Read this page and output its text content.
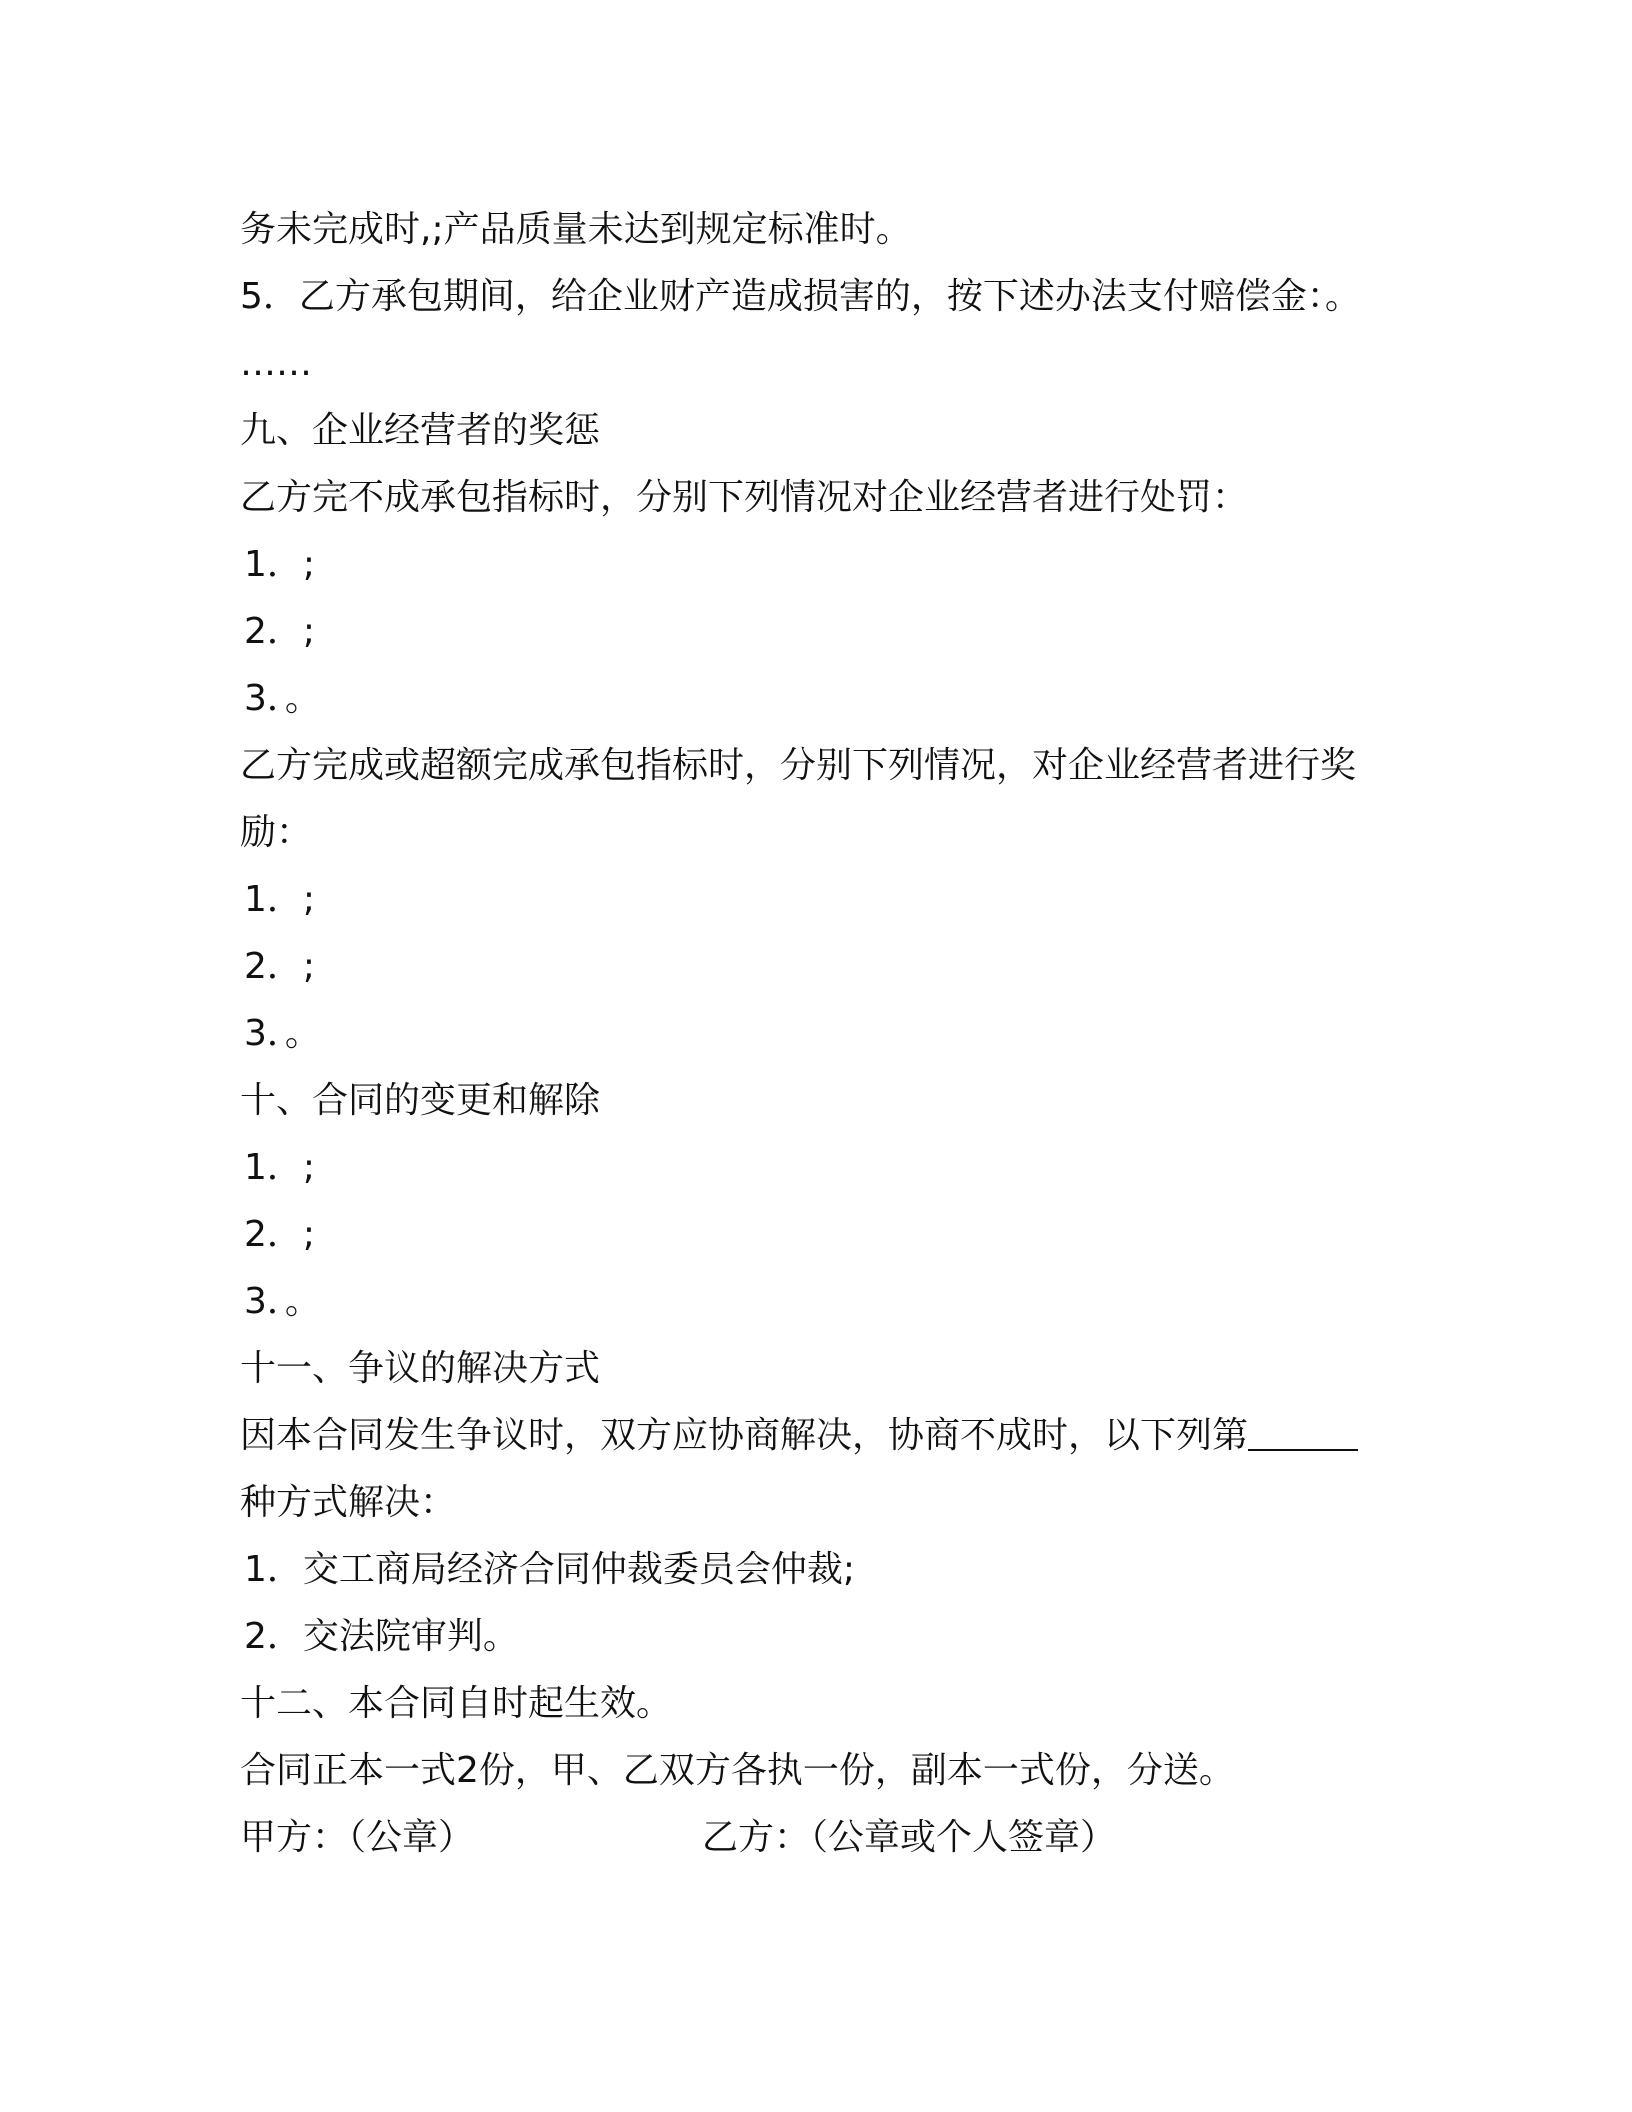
务未完成时,;产品质量未达到规定标准时。
5．乙方承包期间，给企业财产造成损害的，按下述办法支付赔偿金：。
……
九、企业经营者的奖惩
乙方完不成承包指标时，分别下列情况对企业经营者进行处罚：
1．;
2．;
3．。
乙方完成或超额完成承包指标时，分别下列情况，对企业经营者进行奖
励：
1．;
2．;
3．。
十、合同的变更和解除
1．;
2．;
3．。
十一、争议的解决方式
因本合同发生争议时，双方应协商解决，协商不成时，以下列第
种方式解决：
1．交工商局经济合同仲裁委员会仲裁;
2．交法院审判。
十二、本合同自时起生效。
合同正本一式2份，甲、乙双方各执一份，副本一式份，分送。
甲方：（公章）	乙方：（公章或个人签章）
